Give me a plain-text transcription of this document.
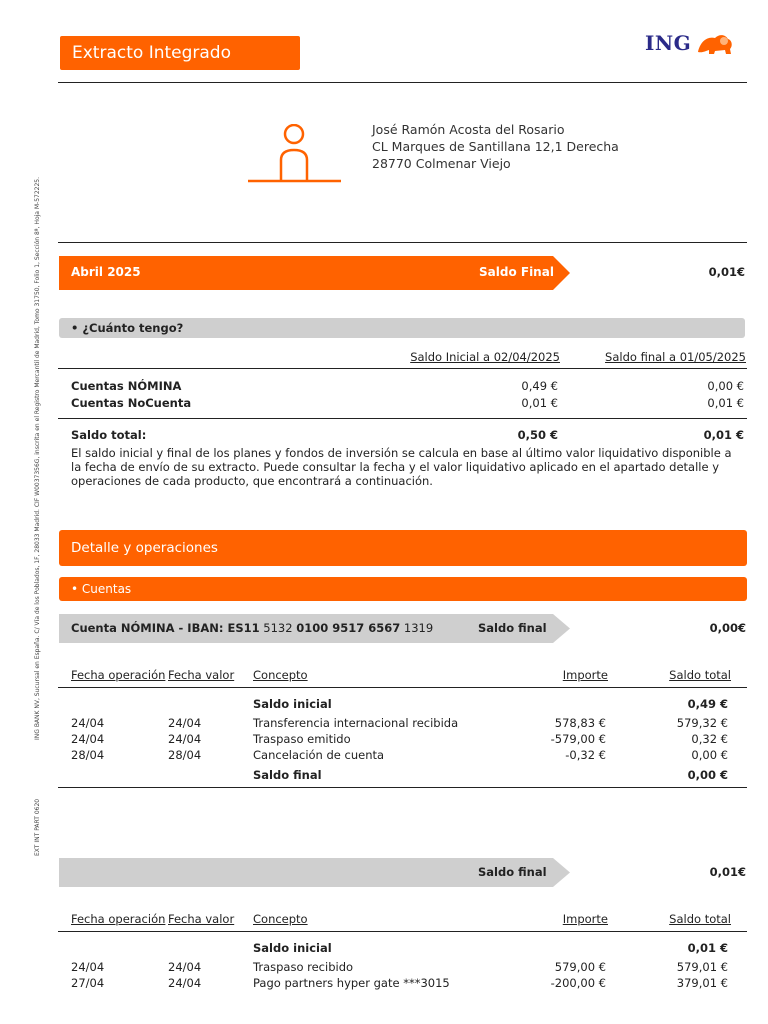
Extracto Integrado	ING
ING BANK NV, Sucursal en España. C/ Vía de los Poblados, 1F, 28033 Madrid. CIF W0037356G, inscrita en el Registro Mercantil de Madrid, Tomo 31750, Folio 1, Sección 8ª, Hoja M-572225.
EXT INT PART 0620
José Ramón Acosta del Rosario
CL Marques de Santillana 12,1 Derecha
28770 Colmenar Viejo
Abril 2025	Saldo Final	0,01€
• ¿Cuánto tengo?
Saldo Inicial a 02/04/2025	Saldo final a 01/05/2025
Cuentas NÓMINA	0,49 €	0,00 €
Cuentas NoCuenta	0,01 €	0,01 €
Saldo total:	0,50 €	0,01 €
El saldo inicial y final de los planes y fondos de inversión se calcula en base al último valor liquidativo disponible a la fecha de envío de su extracto. Puede consultar la fecha y el valor liquidativo aplicado en el apartado detalle y operaciones de cada producto, que encontrará a continuación.
Detalle y operaciones
• Cuentas
Cuenta NÓMINA - IBAN: ES11 5132 0100 9517 6567 1319	Saldo final	0,00€
Fecha operación Fecha valor Concepto	Importe	Saldo total
Saldo inicial	0,49 €
24/04	24/04	Transferencia internacional recibida	578,83 €	579,32 €
24/04	24/04	Traspaso emitido	-579,00 €	0,32 €
28/04	28/04	Cancelación de cuenta	-0,32 €	0,00 €
Saldo final	0,00 €
Saldo final	0,01€
Fecha operación Fecha valor Concepto	Importe	Saldo total
Saldo inicial	0,01 €
24/04	24/04	Traspaso recibido	579,00 €	579,01 €
27/04	24/04	Pago partners hyper gate ***3015	-200,00 €	379,01 €
